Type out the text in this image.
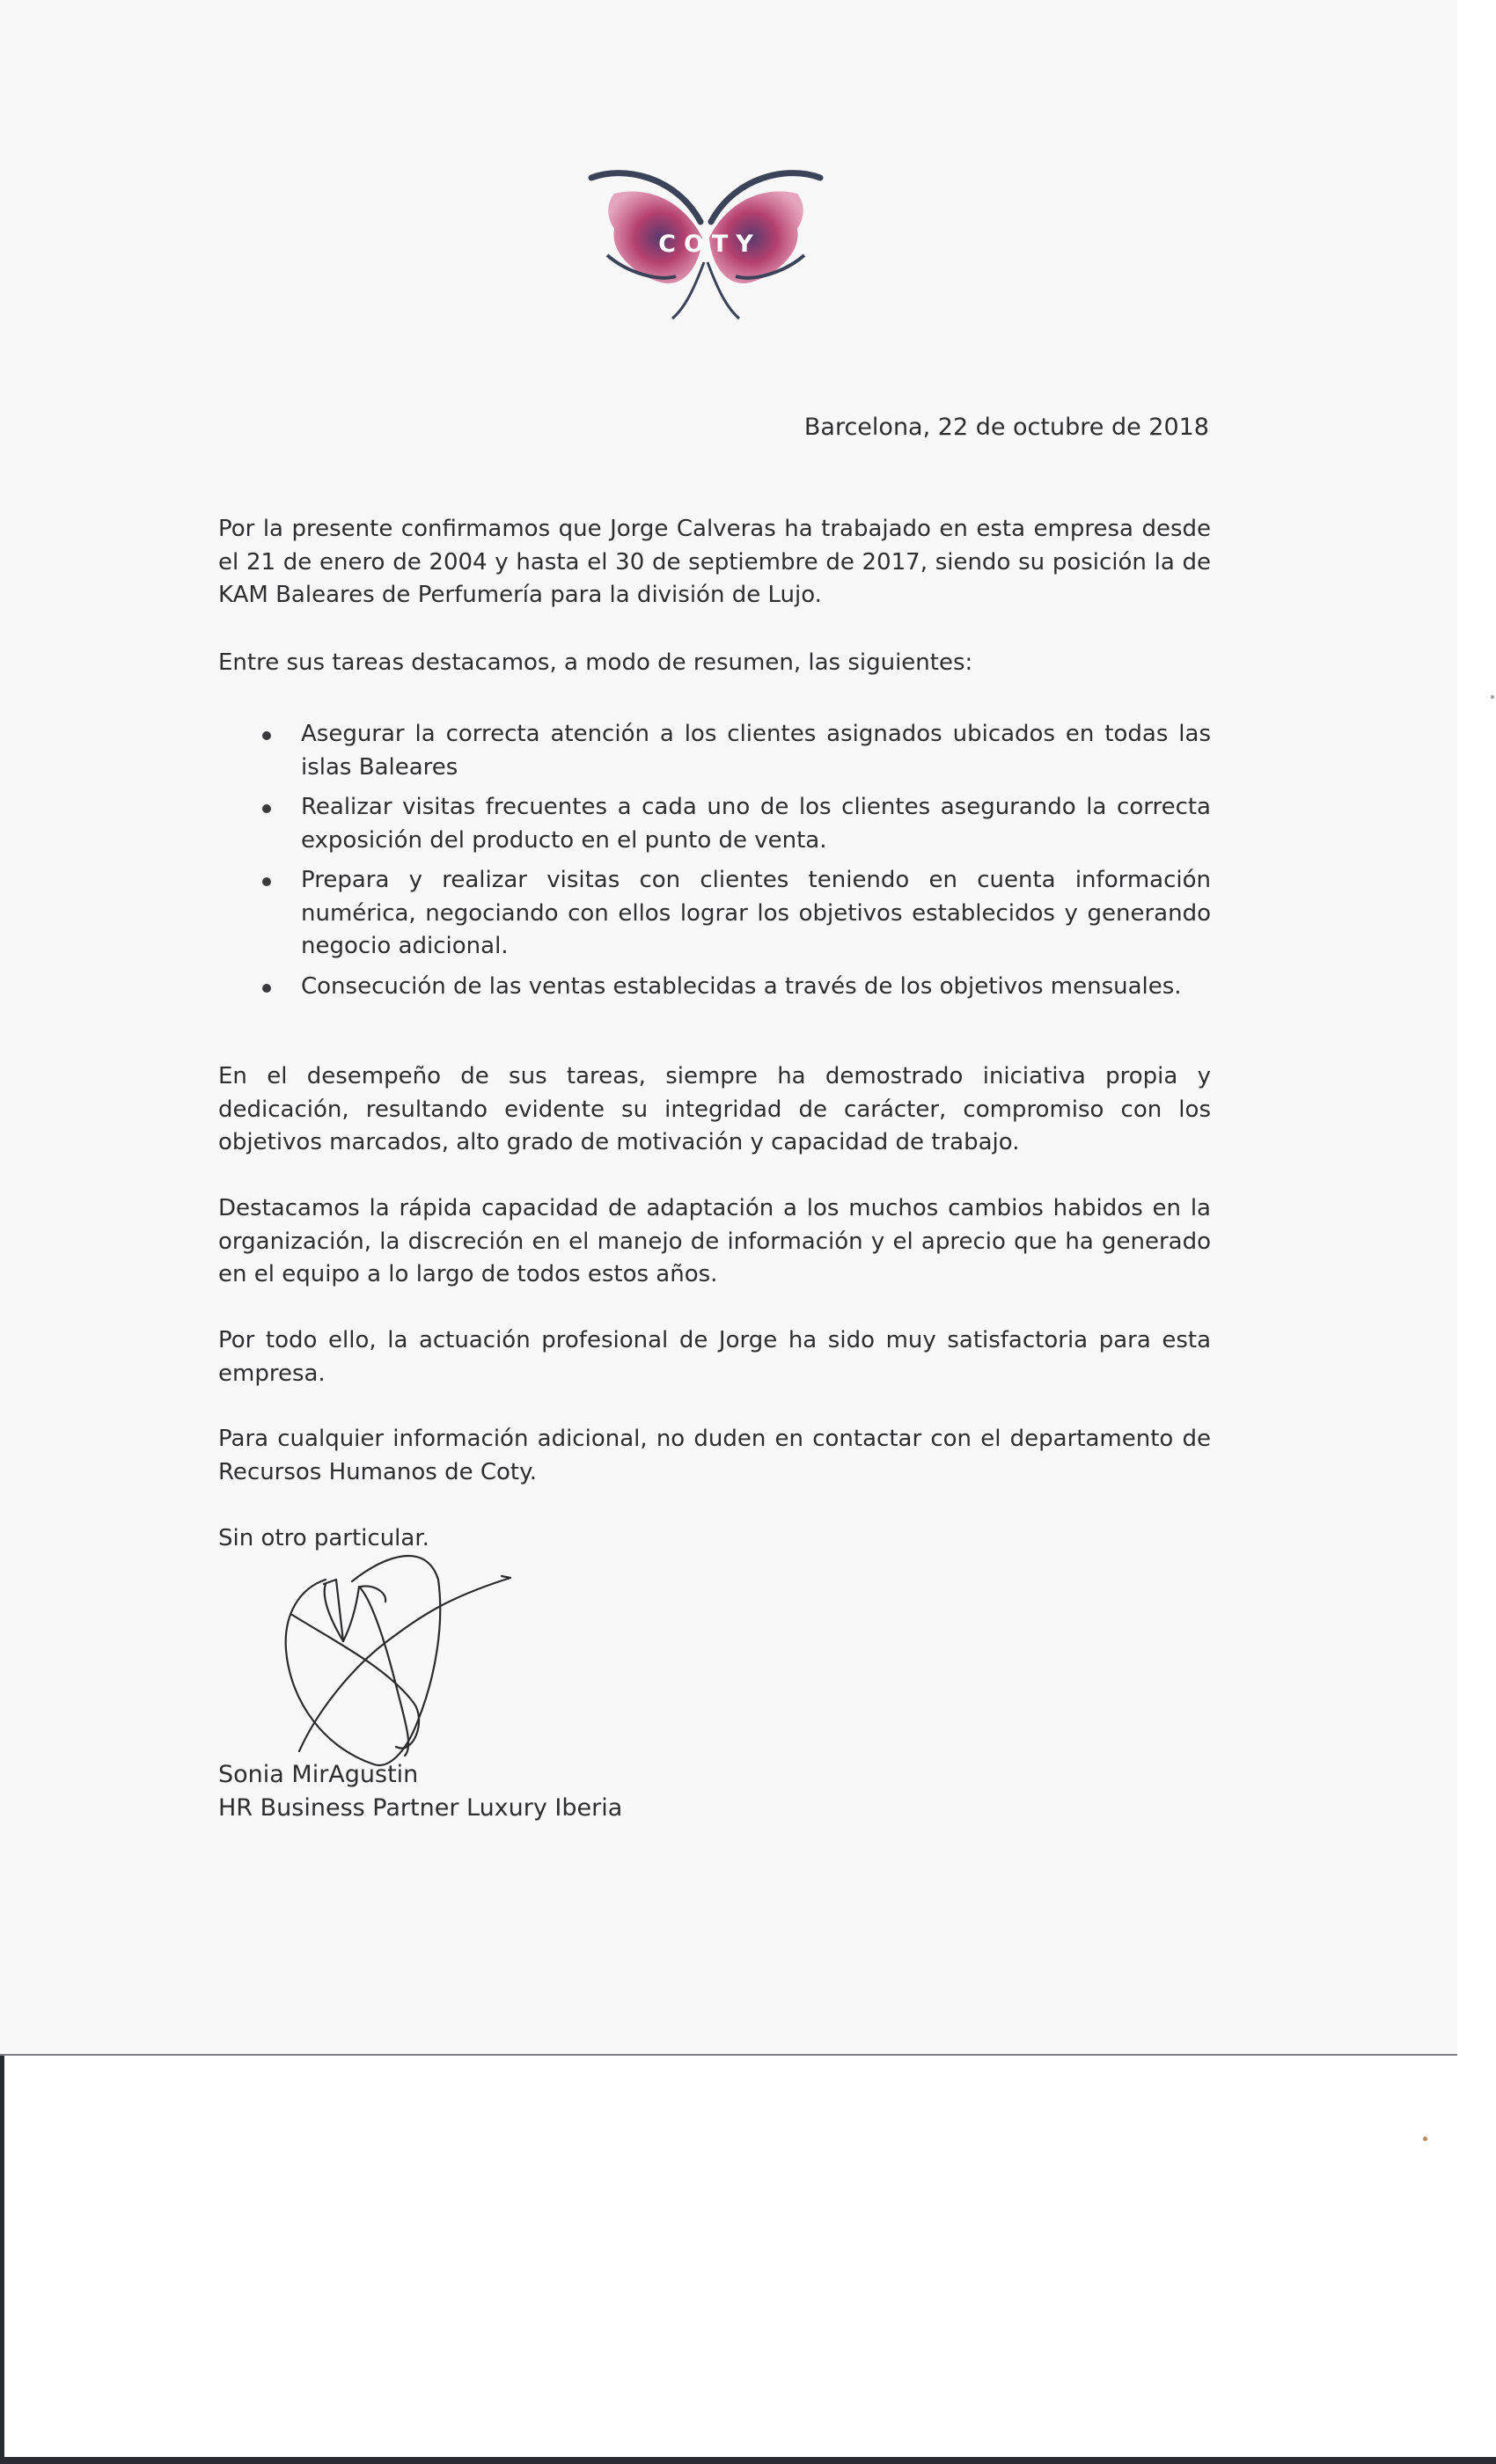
COTY
Barcelona, 22 de octubre de 2018

Por la presente confirmamos que Jorge Calveras ha trabajado en esta empresa desde el 21 de enero de 2004 y hasta el 30 de septiembre de 2017, siendo su posición la de KAM Baleares de Perfumería para la división de Lujo.

Entre sus tareas destacamos, a modo de resumen, las siguientes:

Asegurar la correcta atención a los clientes asignados ubicados en todas las islas Baleares
Realizar visitas frecuentes a cada uno de los clientes asegurando la correcta exposición del producto en el punto de venta.
Prepara y realizar visitas con clientes teniendo en cuenta información numérica, negociando con ellos lograr los objetivos establecidos y generando negocio adicional.
Consecución de las ventas establecidas a través de los objetivos mensuales.

En el desempeño de sus tareas, siempre ha demostrado iniciativa propia y dedicación, resultando evidente su integridad de carácter, compromiso con los objetivos marcados, alto grado de motivación y capacidad de trabajo.

Destacamos la rápida capacidad de adaptación a los muchos cambios habidos en la organización, la discreción en el manejo de información y el aprecio que ha generado en el equipo a lo largo de todos estos años.

Por todo ello, la actuación profesional de Jorge ha sido muy satisfactoria para esta empresa.

Para cualquier información adicional, no duden en contactar con el departamento de Recursos Humanos de Coty.

Sin otro particular.

Sonia MirAgustin
HR Business Partner Luxury Iberia
